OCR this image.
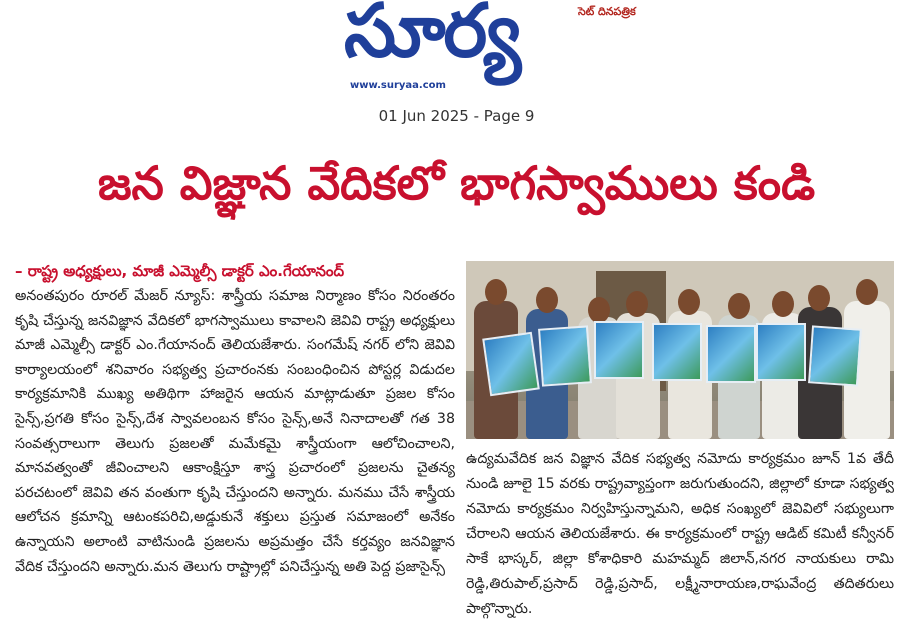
సెట్ దినపత్రిక
సూర్య
www.suryaa.com
01 Jun 2025 - Page 9
జన విజ్ఞాన వేదికలో భాగస్వాములు కండి
– రాష్ట్ర అధ్యక్షులు, మాజీ ఎమ్మెల్సీ డాక్టర్ ఎం.గేయానంద్

అనంతపురం రూరల్ మేజర్ న్యూస్: శాస్త్రీయ సమాజ నిర్మాణం కోసం నిరంతరం కృషి చేస్తున్న జనవిజ్ఞాన వేదికలో భాగస్వాములు కావాలని జెవివి రాష్ట్ర అధ్యక్షులు మాజీ ఎమ్మెల్సీ డాక్టర్ ఎం.గేయానంద్ తెలియజేశారు. సంగమేష్ నగర్ లోని జెవివి కార్యాలయంలో శనివారం సభ్యత్వ ప్రచారంనకు సంబంధించిన పోస్టర్ల విడుదల కార్యక్రమానికి ముఖ్య అతిథిగా హాజరైన ఆయన మాట్లాడుతూ ప్రజల కోసం సైన్స్,ప్రగతి కోసం సైన్స్,దేశ స్వావలంబన కోసం సైన్స్,అనే నినాదాలతో గత 38 సంవత్సరాలుగా తెలుగు ప్రజలతో మమేకమై శాస్త్రీయంగా ఆలోచించాలని, మానవత్వంతో జీవించాలని ఆకాంక్షిస్తూ శాస్త్ర ప్రచారంలో ప్రజలను చైతన్య పరచటంలో జెవివి తన వంతుగా కృషి చేస్తుందని అన్నారు. మనము చేసే శాస్త్రీయ ఆలోచన క్రమాన్ని ఆటంకపరిచి,అడ్డుకునే శక్తులు ప్రస్తుత సమాజంలో అనేకం ఉన్నాయని అలాంటి వాటినుండి ప్రజలను అప్రమత్తం చేసే కర్తవ్యం జనవిజ్ఞాన వేదిక చేస్తుందని అన్నారు.మన తెలుగు రాష్ట్రాల్లో పనిచేస్తున్న అతి పెద్ద ప్రజాసైన్స్

ఉద్యమవేదిక జన విజ్ఞాన వేదిక సభ్యత్వ నమోదు కార్యక్రమం జూన్ 1వ తేదీ నుండి జూలై 15 వరకు రాష్ట్రవ్యాప్తంగా జరుగుతుందని, జిల్లాలో కూడా సభ్యత్వ నమోదు కార్యక్రమం నిర్వహిస్తున్నామని, అధిక సంఖ్యలో జెవివిలో సభ్యులుగా చేరాలని ఆయన తెలియజేశారు. ఈ కార్యక్రమంలో రాష్ట్ర ఆడిట్ కమిటీ కన్వీనర్ సాకే భాస్కర్, జిల్లా కోశాధికారి మహమ్మద్ జిలాన్,నగర నాయకులు రామి రెడ్డి,తిరుపాల్,ప్రసాద్ రెడ్డి,ప్రసాద్, లక్ష్మీనారాయణ,రాఘవేంద్ర తదితరులు పాల్గొన్నారు.
